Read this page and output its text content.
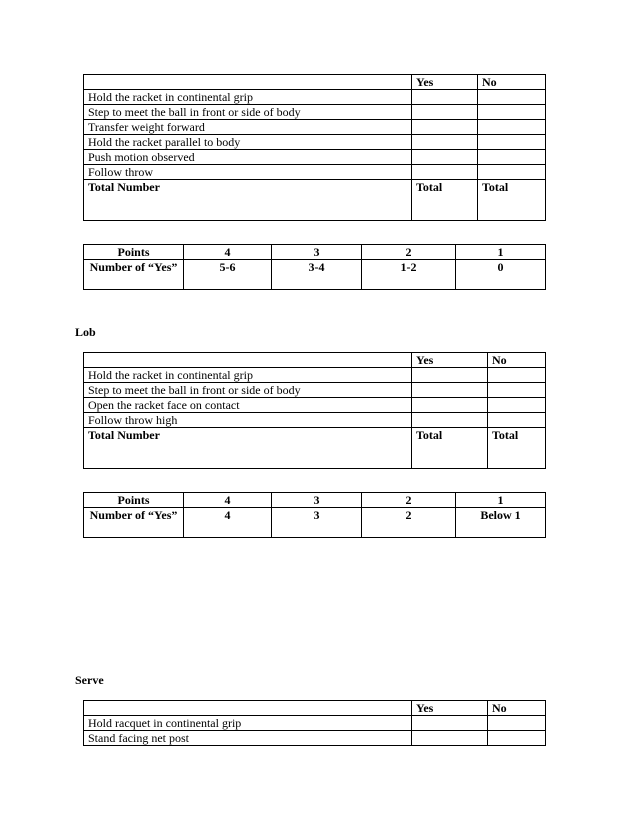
	Yes	No
Hold the racket in continental grip		
Step to meet the ball in front or side of body		
Transfer weight forward		
Hold the racket parallel to body		
Push motion observed		
Follow throw		
Total Number	Total	Total
Points	4	3	2	1
Number of “Yes”	5-6	3-4	1-2	0
Lob
	Yes	No
Hold the racket in continental grip		
Step to meet the ball in front or side of body		
Open the racket face on contact		
Follow throw high		
Total Number	Total	Total
Points	4	3	2	1
Number of “Yes”	4	3	2	Below 1
Serve
	Yes	No
Hold racquet in continental grip		
Stand facing net post		
